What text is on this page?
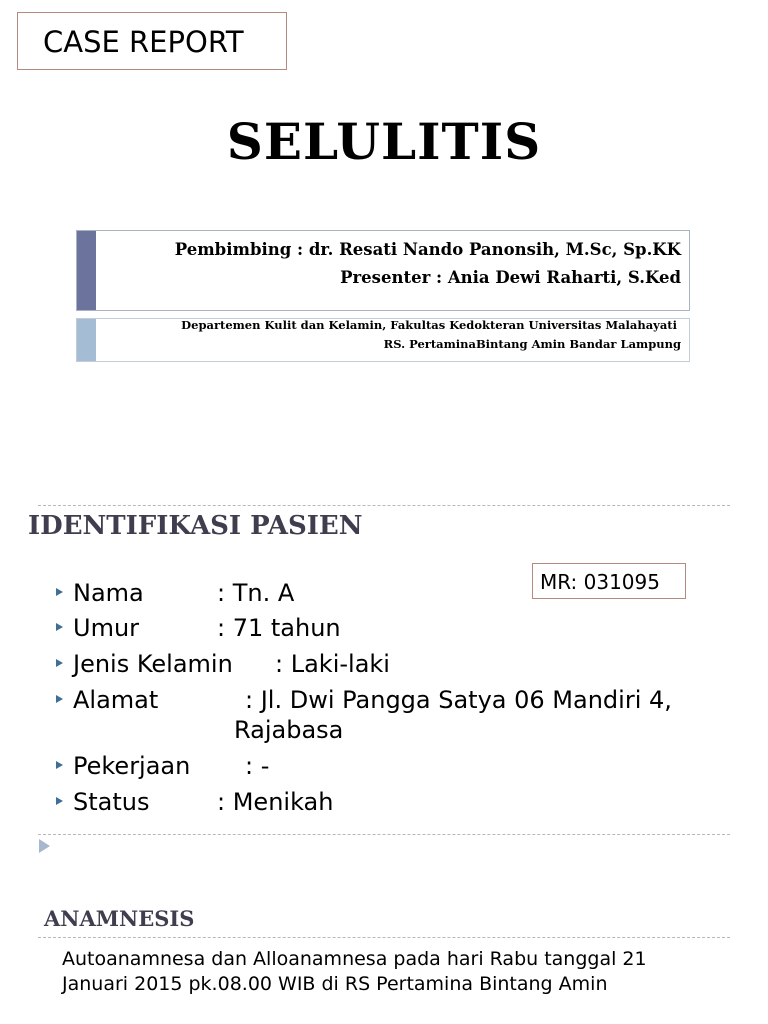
CASE REPORT
SELULITIS
Pembimbing : dr. Resati Nando Panonsih, M.Sc, Sp.KK
Presenter : Ania Dewi Raharti, S.Ked
Departemen Kulit dan Kelamin, Fakultas Kedokteran Universitas Malahayati
RS. PertaminaBintang Amin Bandar Lampung
IDENTIFIKASI PASIEN
MR: 031095
Nama	: Tn. A
Umur	: 71 tahun
Jenis Kelamin : Laki-laki
Alamat	: Jl. Dwi Pangga Satya 06 Mandiri 4,
Rajabasa
Pekerjaan : -
Status	: Menikah
ANAMNESIS
Autoanamnesa dan Alloanamnesa pada hari Rabu tanggal 21
Januari 2015 pk.08.00 WIB di RS Pertamina Bintang Amin
